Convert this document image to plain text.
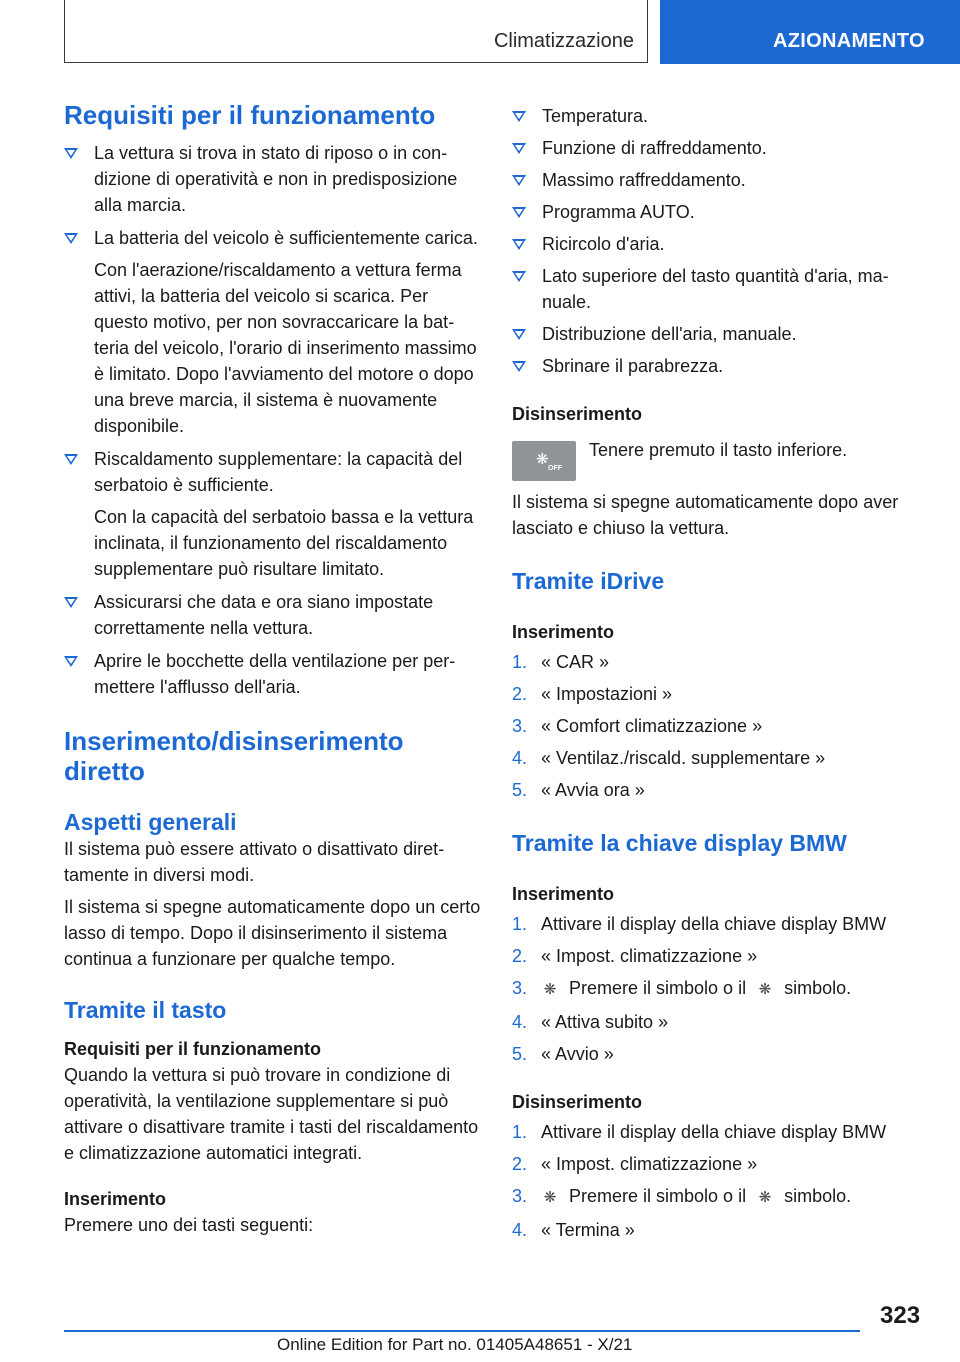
Climatizzazione	AZIONAMENTO
Requisiti per il funzionamento

La vettura si trova in stato di riposo o in condizione di operatività e non in predisposizione alla marcia.

La batteria del veicolo è sufficientemente carica.

Con l'aerazione/riscaldamento a vettura ferma attivi, la batteria del veicolo si scarica. Per questo motivo, per non sovraccaricare la batteria del veicolo, l'orario di inserimento massimo è limitato. Dopo l'avviamento del motore o dopo una breve marcia, il sistema è nuovamente disponibile.

Riscaldamento supplementare: la capacità del serbatoio è sufficiente.

Con la capacità del serbatoio bassa e la vettura inclinata, il funzionamento del riscaldamento supplementare può risultare limitato.

Assicurarsi che data e ora siano impostate correttamente nella vettura.

Aprire le bocchette della ventilazione per permettere l'afflusso dell'aria.

Inserimento/disinserimento diretto
Aspetti generali

Il sistema può essere attivato o disattivato direttamente in diversi modi.

Il sistema si spegne automaticamente dopo un certo lasso di tempo. Dopo il disinserimento il sistema continua a funzionare per qualche tempo.

Tramite il tasto
Requisiti per il funzionamento

Quando la vettura si può trovare in condizione di operatività, la ventilazione supplementare si può attivare o disattivare tramite i tasti del riscaldamento e climatizzazione automatici integrati.

Inserimento

Premere uno dei tasti seguenti:

Temperatura.

Funzione di raffreddamento.

Massimo raffreddamento.

Programma AUTO.

Ricircolo d'aria.

Lato superiore del tasto quantità d'aria, manuale.

Distribuzione dell'aria, manuale.

Sbrinare il parabrezza.

Disinserimento
❋
OFF
Tenere premuto il tasto inferiore.

Il sistema si spegne automaticamente dopo aver lasciato e chiuso la vettura.

Tramite iDrive
Inserimento
1. « CAR »
2. « Impostazioni »
3. « Comfort climatizzazione »
4. « Ventilaz./riscald. supplementare »
5. « Avvia ora »
Tramite la chiave display BMW
Inserimento
1. Attivare il display della chiave display BMW
2. « Impost. climatizzazione »
3. ❋ Premere il simbolo o il ❋ simbolo.
4. « Attiva subito »
5. « Avvio »
Disinserimento
1. Attivare il display della chiave display BMW
2. « Impost. climatizzazione »
3. ❋ Premere il simbolo o il ❋ simbolo.
4. « Termina »
323
Online Edition for Part no. 01405A48651 - X/21
